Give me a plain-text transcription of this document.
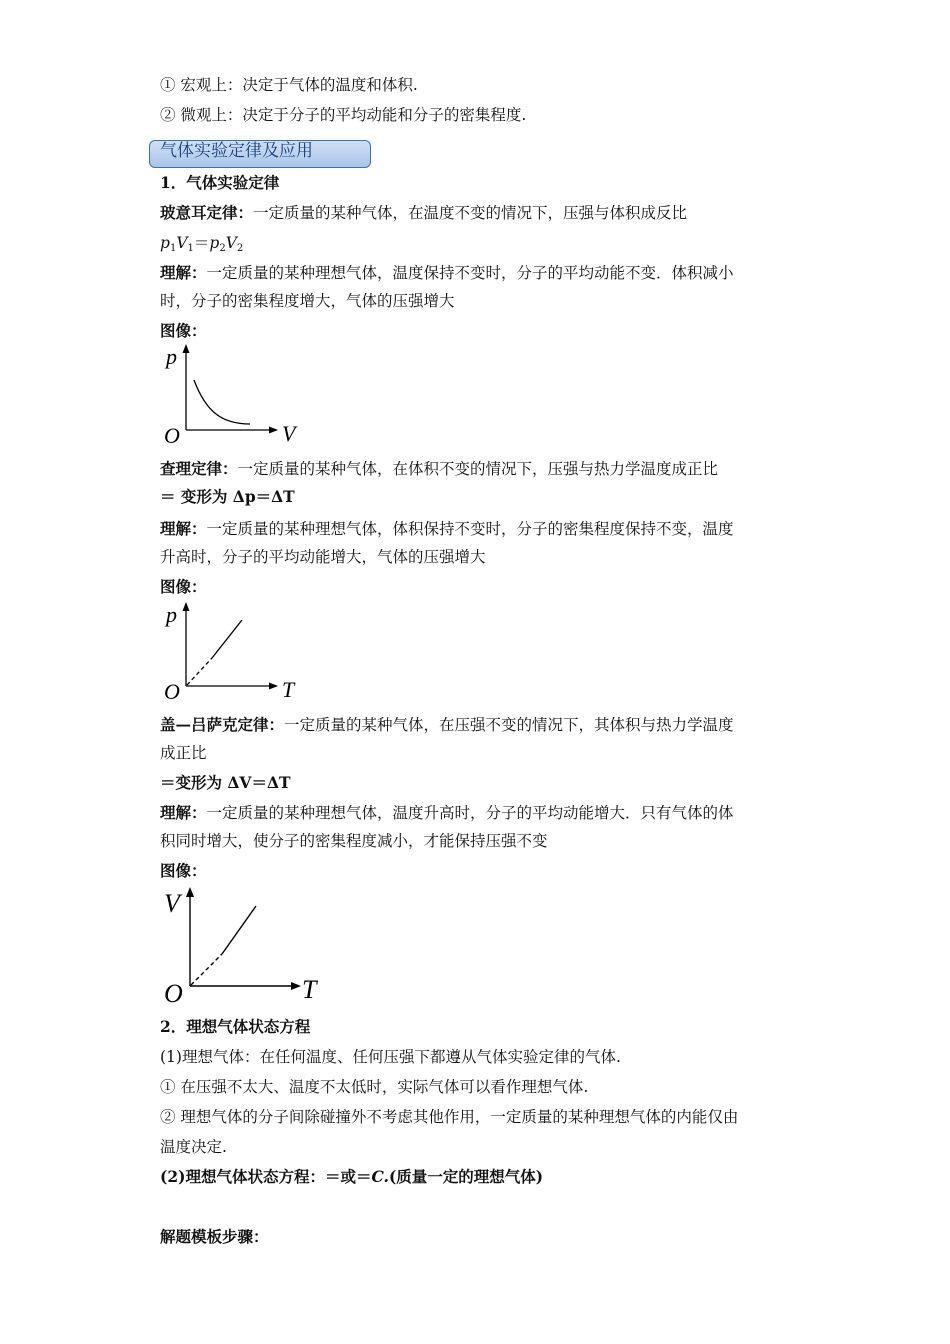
① 宏观上：决定于气体的温度和体积.
② 微观上：决定于分子的平均动能和分子的密集程度.
气体实验定律及应用
1．气体实验定律
玻意耳定律：一定质量的某种气体，在温度不变的情况下，压强与体积成反比
$p_1V_1=p_2V_2$
理解：一定质量的某种理想气体，温度保持不变时，分子的平均动能不变．体积减小
时，分子的密集程度增大，气体的压强增大
图像：
p
V
O
查理定律：一定质量的某种气体，在体积不变的情况下，压强与热力学温度成正比
＝ 变形为 Δp＝ΔT
理解：一定质量的某种理想气体，体积保持不变时，分子的密集程度保持不变，温度
升高时，分子的平均动能增大，气体的压强增大
图像：
p
T
O
盖—吕萨克定律：一定质量的某种气体，在压强不变的情况下，其体积与热力学温度
成正比
＝变形为 ΔV＝ΔT
理解：一定质量的某种理想气体，温度升高时，分子的平均动能增大．只有气体的体
积同时增大，使分子的密集程度减小，才能保持压强不变
图像：
V
T
O
2．理想气体状态方程
(1)理想气体：在任何温度、任何压强下都遵从气体实验定律的气体.
① 在压强不太大、温度不太低时，实际气体可以看作理想气体.
② 理想气体的分子间除碰撞外不考虑其他作用，一定质量的某种理想气体的内能仅由
温度决定.
(2)理想气体状态方程：＝或＝C.(质量一定的理想气体)
解题模板步骤：
